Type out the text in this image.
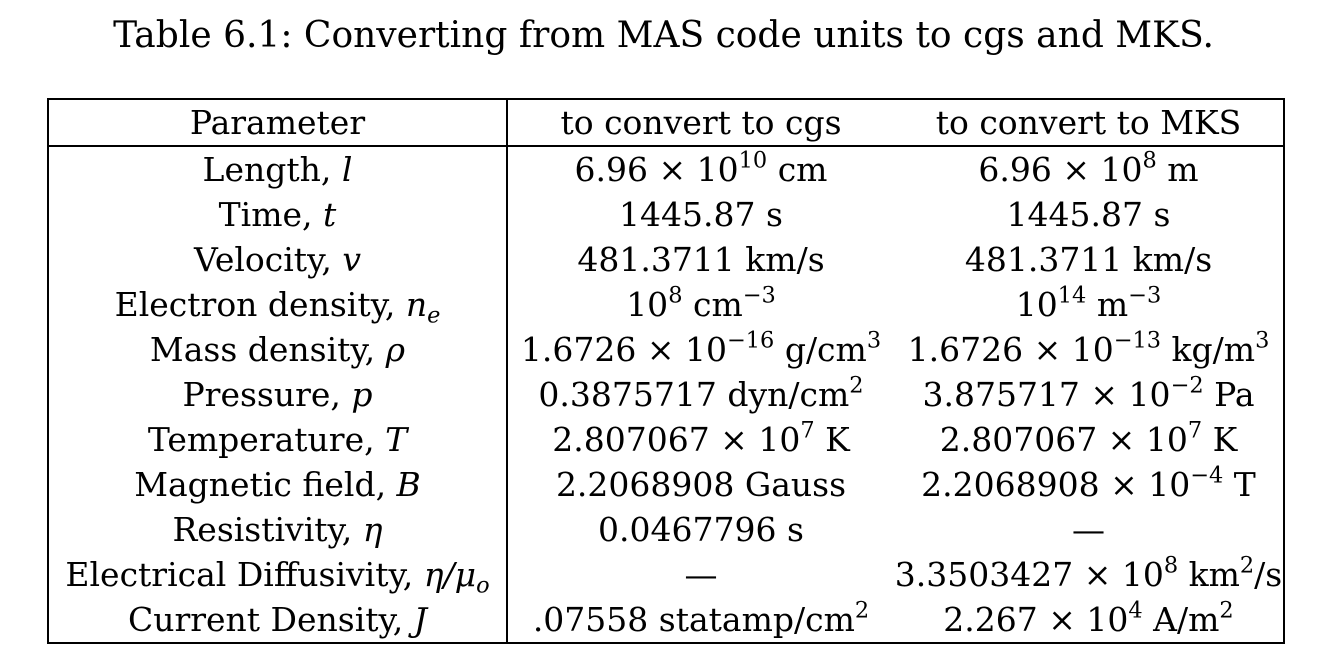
Table 6.1: Converting from MAS code units to cgs and MKS.
Parameter	to convert to cgs	to convert to MKS
Length, l	$6.96 \times 10^{10}$ cm	$6.96 \times 10^8$ m
Time, t	1445.87 s	1445.87 s
Velocity, v	481.3711 km/s	481.3711 km/s
Electron density, $n_e$	$10^8$ $cm^{-3}$	$10^{14}$ $m^{-3}$
Mass density, ρ	$1.6726 \times 10^{-16}$ $g/cm^3$	$1.6726 \times 10^{-13}$ $kg/m^3$
Pressure, p	0.3875717 dyn/$cm^2$	$3.875717 \times 10^{-2}$ Pa
Temperature, T	$2.807067 \times 10^7$ K	$2.807067 \times 10^7$ K
Magnetic field, B	2.2068908 Gauss	$2.2068908 \times 10^{-4}$ T
Resistivity, η	0.0467796 s	—
Electrical Diffusivity, $\eta/\mu_o$	—	$3.3503427 \times 10^8$ $km^2/s$
Current Density, J	.07558 statamp/$cm^2$	$2.267 \times 10^4$ $A/m^2$
